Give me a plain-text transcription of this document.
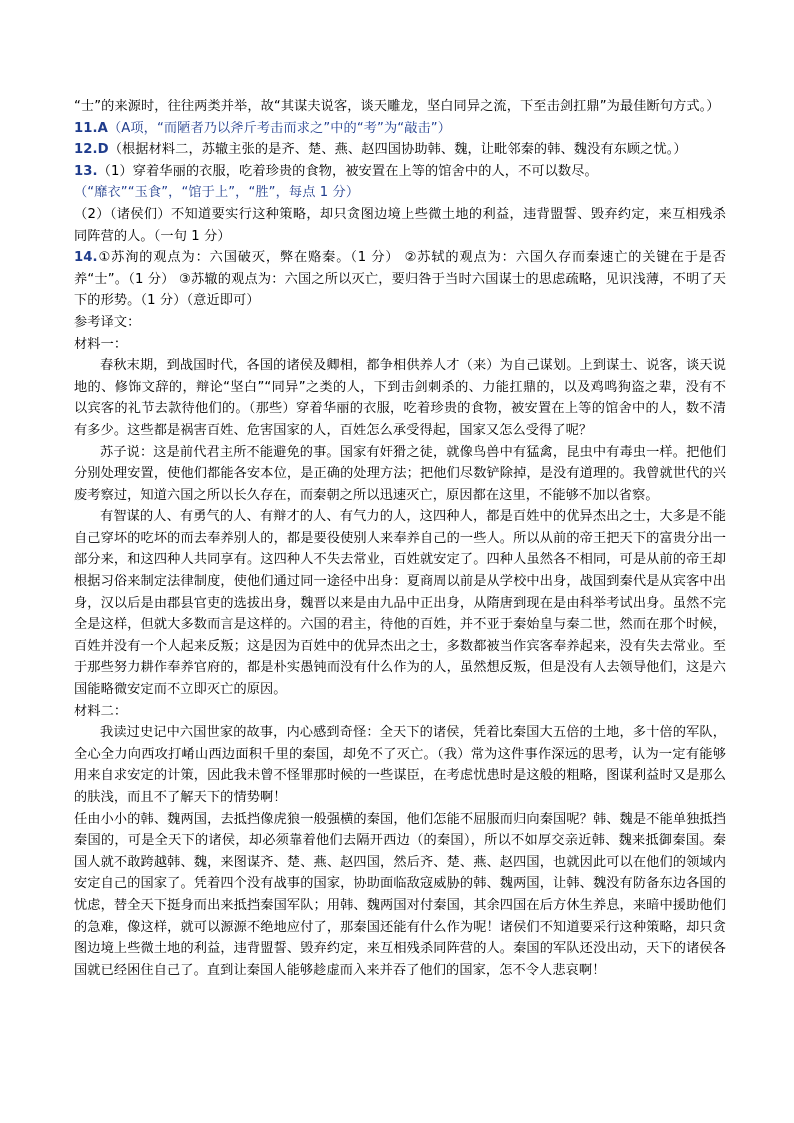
“士”的来源时，往往两类并举，故“其谋夫说客，谈天雕龙，坚白同异之流，下至击剑扛鼎”为最佳断句方式。）

11.A（A项，“而陋者乃以斧斤考击而求之”中的“考”为“敲击”）

12.D（根据材料二，苏辙主张的是齐、楚、燕、赵四国协助韩、魏，让毗邻秦的韩、魏没有东顾之忧。）

13.（1）穿着华丽的衣服，吃着珍贵的食物，被安置在上等的馆舍中的人，不可以数尽。

（“靡衣”“玉食”，“馆于上”，“胜”，每点 1 分）

（2）（诸侯们）不知道要实行这种策略，却只贪图边境上些微土地的利益，违背盟誓、毁弃约定，来互相残杀同阵营的人。（一句 1 分）

14.①苏洵的观点为：六国破灭，弊在赂秦。（1 分） ②苏轼的观点为：六国久存而秦速亡的关键在于是否养“士”。（1 分） ③苏辙的观点为：六国之所以灭亡，要归咎于当时六国谋士的思虑疏略，见识浅薄，不明了天下的形势。（1 分）（意近即可）

参考译文：

材料一：

春秋末期，到战国时代，各国的诸侯及卿相，都争相供养人才（来）为自己谋划。上到谋士、说客，谈天说地的、修饰文辞的，辩论“坚白”“同异”之类的人，下到击剑刺杀的、力能扛鼎的，以及鸡鸣狗盗之辈，没有不以宾客的礼节去款待他们的。（那些）穿着华丽的衣服，吃着珍贵的食物，被安置在上等的馆舍中的人，数不清有多少。这些都是祸害百姓、危害国家的人，百姓怎么承受得起，国家又怎么受得了呢？

苏子说：这是前代君主所不能避免的事。国家有奸猾之徒，就像鸟兽中有猛禽，昆虫中有毒虫一样。把他们分别处理安置，使他们都能各安本位，是正确的处理方法；把他们尽数铲除掉，是没有道理的。我曾就世代的兴废考察过，知道六国之所以长久存在，而秦朝之所以迅速灭亡，原因都在这里，不能够不加以省察。

有智谋的人、有勇气的人、有辩才的人、有气力的人，这四种人，都是百姓中的优异杰出之士，大多是不能自己穿坏的吃坏的而去奉养别人的，都是要役使别人来奉养自己的一些人。所以从前的帝王把天下的富贵分出一部分来，和这四种人共同享有。这四种人不失去常业，百姓就安定了。四种人虽然各不相同，可是从前的帝王却根据习俗来制定法律制度，使他们通过同一途径中出身：夏商周以前是从学校中出身，战国到秦代是从宾客中出身，汉以后是由郡县官吏的选拔出身，魏晋以来是由九品中正出身，从隋唐到现在是由科举考试出身。虽然不完全是这样，但就大多数而言是这样的。六国的君主，待他的百姓，并不亚于秦始皇与秦二世，然而在那个时候，百姓并没有一个人起来反叛；这是因为百姓中的优异杰出之士，多数都被当作宾客奉养起来，没有失去常业。至于那些努力耕作奉养官府的，都是朴实愚钝而没有什么作为的人，虽然想反叛，但是没有人去领导他们，这是六国能略微安定而不立即灭亡的原因。

材料二：

我读过史记中六国世家的故事，内心感到奇怪：全天下的诸侯，凭着比秦国大五倍的土地，多十倍的军队，全心全力向西攻打崤山西边面积千里的秦国，却免不了灭亡。（我）常为这件事作深远的思考，认为一定有能够用来自求安定的计策，因此我未曾不怪罪那时候的一些谋臣，在考虑忧患时是这般的粗略，图谋利益时又是那么的肤浅，而且不了解天下的情势啊！

任由小小的韩、魏两国，去抵挡像虎狼一般强横的秦国，他们怎能不屈服而归向秦国呢？韩、魏是不能单独抵挡秦国的，可是全天下的诸侯，却必须靠着他们去隔开西边（的秦国），所以不如厚交亲近韩、魏来抵御秦国。秦国人就不敢跨越韩、魏，来图谋齐、楚、燕、赵四国，然后齐、楚、燕、赵四国，也就因此可以在他们的领域内安定自己的国家了。凭着四个没有战事的国家，协助面临敌寇威胁的韩、魏两国，让韩、魏没有防备东边各国的忧虑，替全天下挺身而出来抵挡秦国军队；用韩、魏两国对付秦国，其余四国在后方休生养息，来暗中援助他们的急难，像这样，就可以源源不绝地应付了，那秦国还能有什么作为呢！诸侯们不知道要采行这种策略，却只贪图边境上些微土地的利益，违背盟誓、毁弃约定，来互相残杀同阵营的人。秦国的军队还没出动，天下的诸侯各国就已经困住自己了。直到让秦国人能够趁虚而入来并吞了他们的国家，怎不令人悲哀啊！
